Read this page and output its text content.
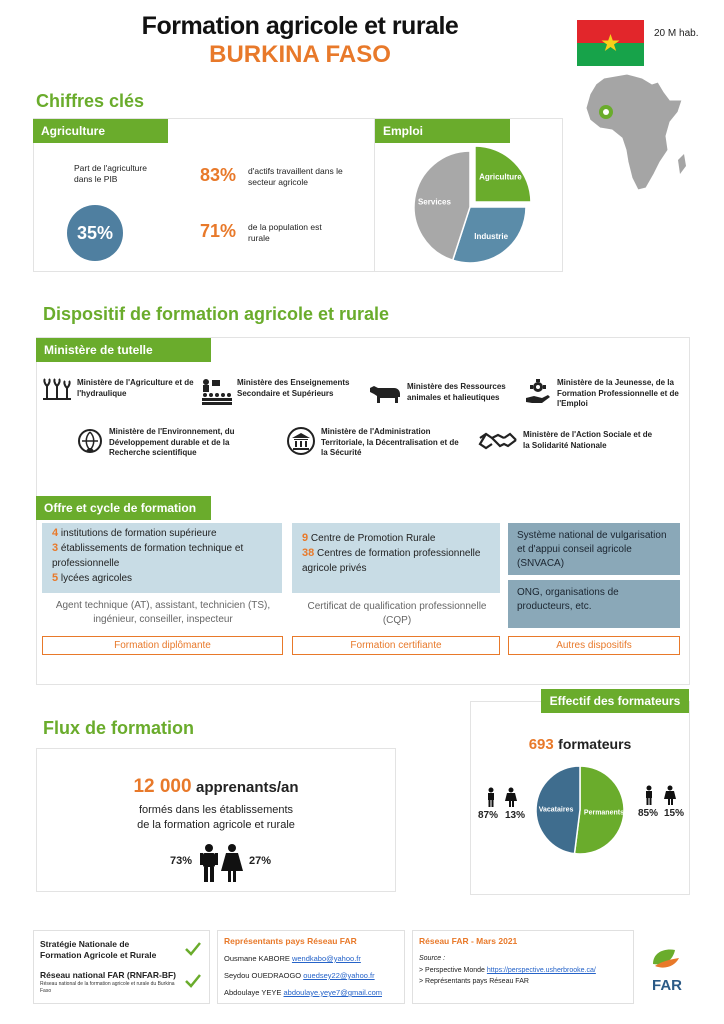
Formation agricole et rurale
BURKINA FASO
20 M hab.
Chiffres clés
Agriculture	Emploi
Part de l'agriculture dans le PIB
35%
83% d'actifs travaillent dans le secteur agricole
71% de la population est rurale
Agriculture
Industrie
Services
Dispositif de formation agricole et rurale
Ministère de tutelle
Ministère de l'Agriculture et de l'hydraulique
Ministère des Enseignements Secondaire et Supérieurs
Ministère des Ressources animales et halieutiques
Ministère de la Jeunesse, de la Formation Professionnelle et de l'Emploi
Ministère de l'Environnement, du Développement durable et de la Recherche scientifique
Ministère de l'Administration Territoriale, la Décentralisation et de la Sécurité
Ministère de l'Action Sociale et de la Solidarité Nationale
Offre et cycle de formation
4 institutions de formation supérieure
3 établissements de formation technique et professionnelle
5 lycées agricoles
Agent technique (AT), assistant, technicien (TS), ingénieur, conseiller, inspecteur
Formation diplômante
9 Centre de Promotion Rurale
38 Centres de formation professionnelle agricole privés
Certificat de qualification professionnelle (CQP)
Formation certifiante
Système national de vulgarisation et d'appui conseil agricole (SNVACA)
ONG, organisations de producteurs, etc.
Autres dispositifs
Flux de formation
12 000 apprenants/an
formés dans les établissements
de la formation agricole et rurale
73%	27%
Effectif des formateurs
693 formateurs
Permanents
Vacataires
87% 13%	85% 15%
Stratégie Nationale de Formation Agricole et Rurale
Réseau national FAR (RNFAR-BF)
Réseau national de la formation agricole et rurale du Burkina Faso
Représentants pays Réseau FAR
Ousmane KABORE wendkabo@yahoo.fr
Seydou OUEDRAOGO ouedsey22@yahoo.fr
Abdoulaye YEYE abdoulaye.yeye7@gmail.com
Réseau FAR - Mars 2021
Source :
> Perspective Monde https://perspective.usherbrooke.ca/
> Représentants pays Réseau FAR	FAR
